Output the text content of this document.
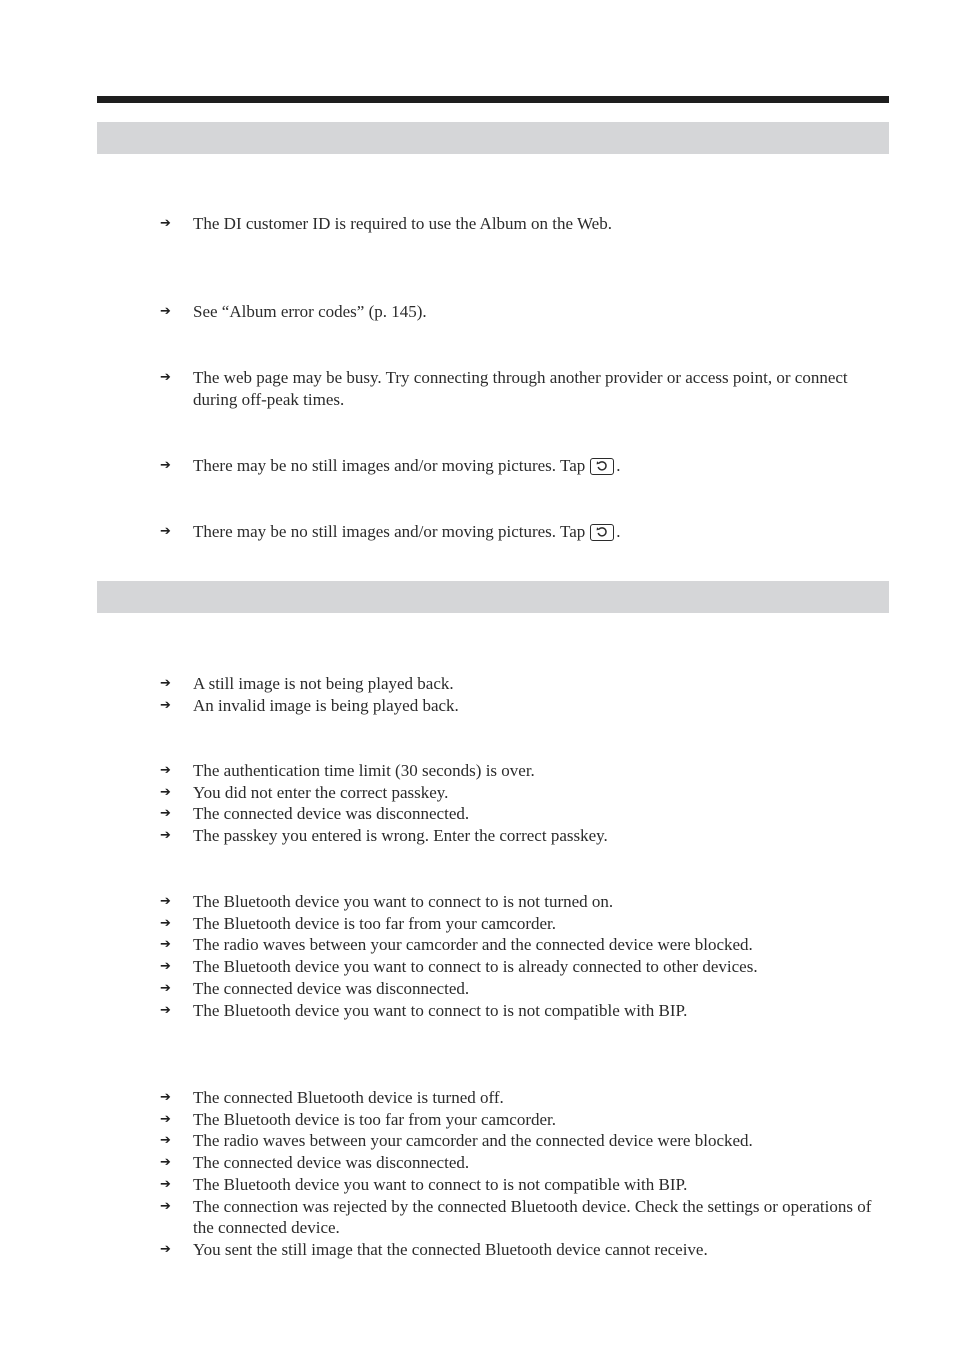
➔ The DI customer ID is required to use the Album on the Web.
➔ See “Album error codes” (p. 145).
➔ The web page may be busy. Try connecting through another provider or access point, or connect during off-peak times.
➔ There may be no still images and/or moving pictures. Tap .
➔ There may be no still images and/or moving pictures. Tap .
➔ A still image is not being played back.
➔ An invalid image is being played back.
➔ The authentication time limit (30 seconds) is over.
➔ You did not enter the correct passkey.
➔ The connected device was disconnected.
➔ The passkey you entered is wrong. Enter the correct passkey.
➔ The Bluetooth device you want to connect to is not turned on.
➔ The Bluetooth device is too far from your camcorder.
➔ The radio waves between your camcorder and the connected device were blocked.
➔ The Bluetooth device you want to connect to is already connected to other devices.
➔ The connected device was disconnected.
➔ The Bluetooth device you want to connect to is not compatible with BIP.
➔ The connected Bluetooth device is turned off.
➔ The Bluetooth device is too far from your camcorder.
➔ The radio waves between your camcorder and the connected device were blocked.
➔ The connected device was disconnected.
➔ The Bluetooth device you want to connect to is not compatible with BIP.
➔ The connection was rejected by the connected Bluetooth device. Check the settings or operations of the connected device.
➔ You sent the still image that the connected Bluetooth device cannot receive.
